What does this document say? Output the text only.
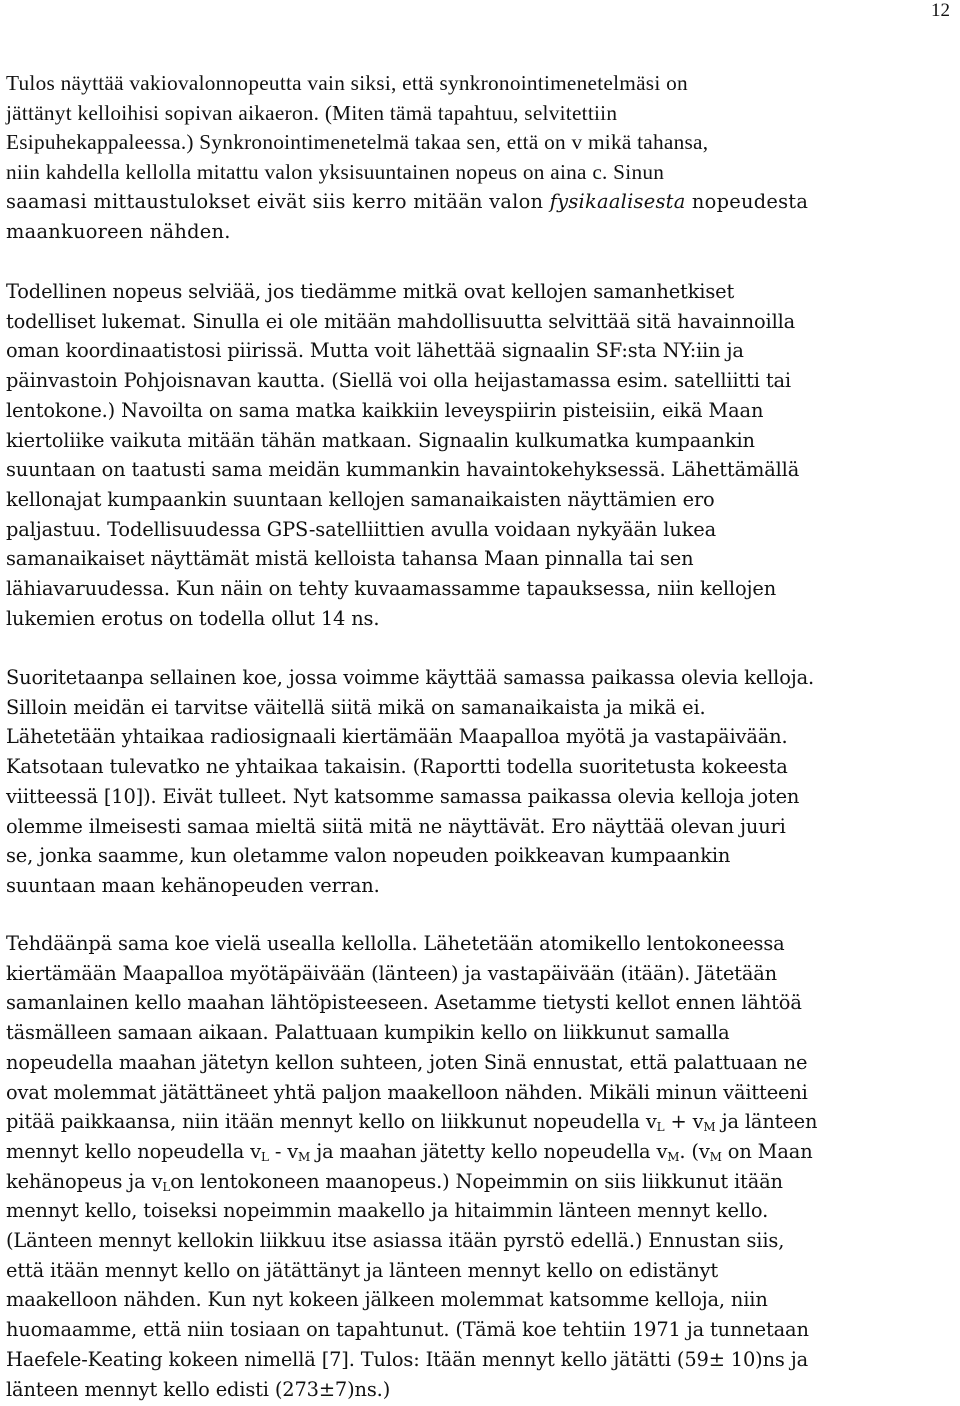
12

Tulos näyttää vakiovalonnopeutta vain siksi, että synkronointimenetelmäsi on
jättänyt kelloihisi sopivan aikaeron. (Miten tämä tapahtuu, selvitettiin
Esipuhekappaleessa.) Synkronointimenetelmä takaa sen, että on v mikä tahansa,
niin kahdella kellolla mitattu valon yksisuuntainen nopeus on aina c. Sinun
saamasi mittaustulokset eivät siis kerro mitään valon fysikaalisesta nopeudesta
maankuoreen nähden.

Todellinen nopeus selviää, jos tiedämme mitkä ovat kellojen samanhetkiset
todelliset lukemat. Sinulla ei ole mitään mahdollisuutta selvittää sitä havainnoilla
oman koordinaatistosi piirissä. Mutta voit lähettää signaalin SF:sta NY:iin ja
päinvastoin Pohjoisnavan kautta. (Siellä voi olla heijastamassa esim. satelliitti tai
lentokone.) Navoilta on sama matka kaikkiin leveyspiirin pisteisiin, eikä Maan
kiertoliike vaikuta mitään tähän matkaan. Signaalin kulkumatka kumpaankin
suuntaan on taatusti sama meidän kummankin havaintokehyksessä. Lähettämällä
kellonajat kumpaankin suuntaan kellojen samanaikaisten näyttämien ero
paljastuu. Todellisuudessa GPS-satelliittien avulla voidaan nykyään lukea
samanaikaiset näyttämät mistä kelloista tahansa Maan pinnalla tai sen
lähiavaruudessa. Kun näin on tehty kuvaamassamme tapauksessa, niin kellojen
lukemien erotus on todella ollut 14 ns.

Suoritetaanpa sellainen koe, jossa voimme käyttää samassa paikassa olevia kelloja.
Silloin meidän ei tarvitse väitellä siitä mikä on samanaikaista ja mikä ei.
Lähetetään yhtaikaa radiosignaali kiertämään Maapalloa myötä ja vastapäivään.
Katsotaan tulevatko ne yhtaikaa takaisin. (Raportti todella suoritetusta kokeesta
viitteessä [10]). Eivät tulleet. Nyt katsomme samassa paikassa olevia kelloja joten
olemme ilmeisesti samaa mieltä siitä mitä ne näyttävät. Ero näyttää olevan juuri
se, jonka saamme, kun oletamme valon nopeuden poikkeavan kumpaankin
suuntaan maan kehänopeuden verran.

Tehdäänpä sama koe vielä usealla kellolla. Lähetetään atomikello lentokoneessa
kiertämään Maapalloa myötäpäivään (länteen) ja vastapäivään (itään). Jätetään
samanlainen kello maahan lähtöpisteeseen. Asetamme tietysti kellot ennen lähtöä
täsmälleen samaan aikaan. Palattuaan kumpikin kello on liikkunut samalla
nopeudella maahan jätetyn kellon suhteen, joten Sinä ennustat, että palattuaan ne
ovat molemmat jätättäneet yhtä paljon maakelloon nähden. Mikäli minun väitteeni
pitää paikkaansa, niin itään mennyt kello on liikkunut nopeudella $v_L + v_M$ ja länteen
mennyt kello nopeudella $v_L - v_M$ ja maahan jätetty kello nopeudella $v_M$. ($v_M$ on Maan
kehänopeus ja $v_Lon$ lentokoneen maanopeus.) Nopeimmin on siis liikkunut itään
mennyt kello, toiseksi nopeimmin maakello ja hitaimmin länteen mennyt kello.
(Länteen mennyt kellokin liikkuu itse asiassa itään pyrstö edellä.) Ennustan siis,
että itään mennyt kello on jätättänyt ja länteen mennyt kello on edistänyt
maakelloon nähden. Kun nyt kokeen jälkeen molemmat katsomme kelloja, niin
huomaamme, että niin tosiaan on tapahtunut. (Tämä koe tehtiin 1971 ja tunnetaan
Haefele-Keating kokeen nimellä [7]. Tulos: Itään mennyt kello jätätti (59± 10)ns ja
länteen mennyt kello edisti (273±7)ns.)
